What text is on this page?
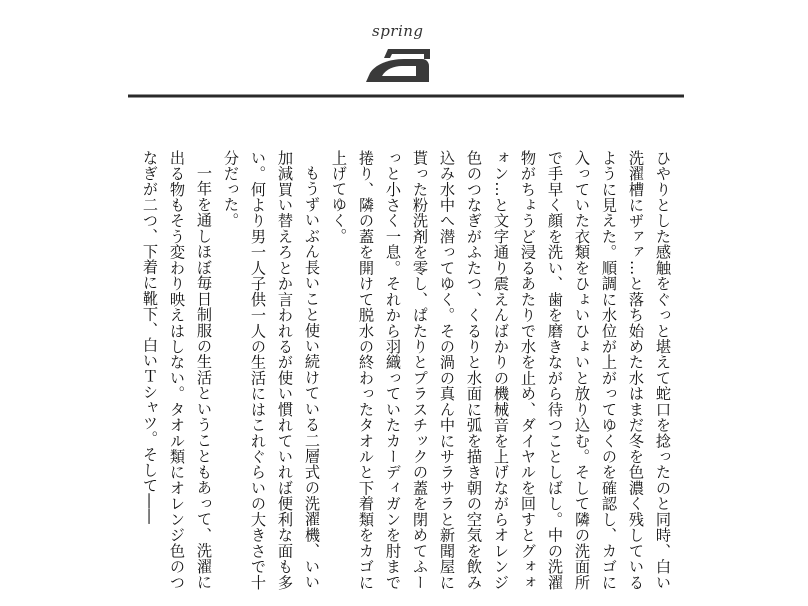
spring

ひやりとした感触をぐっと堪えて蛇口を捻ったのと同時、白い洗濯槽にザァァ…と落ち始めた水はまだ冬を色濃く残しているように見えた。順調に水位が上がってゆくのを確認し、カゴに入っていた衣類をひょいひょいと放り込む。そして隣の洗面所で手早く顔を洗い、歯を磨きながら待つことしばし。中の洗濯物がちょうど浸るあたりで水を止め、ダイヤルを回すとグォォォン…と文字通り震えんばかりの機械音を上げながらオレンジ色のつなぎがふたつ、くるりと水面に弧を描き朝の空気を飲み込み水中へ潜ってゆく。その渦の真ん中にサラサラと新聞屋に貰った粉洗剤を零し、ぱたりとプラスチックの蓋を閉めてふーっと小さく一息。それから羽織っていたカーディガンを肘まで捲り、隣の蓋を開けて脱水の終わったタオルと下着類をカゴに上げてゆく。

もうずいぶん長いこと使い続けている二層式の洗濯機、いい加減買い替えろとか言われるが使い慣れていれば便利な面も多い。何より男一人子供一人の生活にはこれぐらいの大きさで十分だった。

一年を通しほぼ毎日制服の生活ということもあって、洗濯に出る物もそう変わり映えはしない。タオル類にオレンジ色のつなぎが二つ、下着に靴下、白いＴシャツ。そして――
